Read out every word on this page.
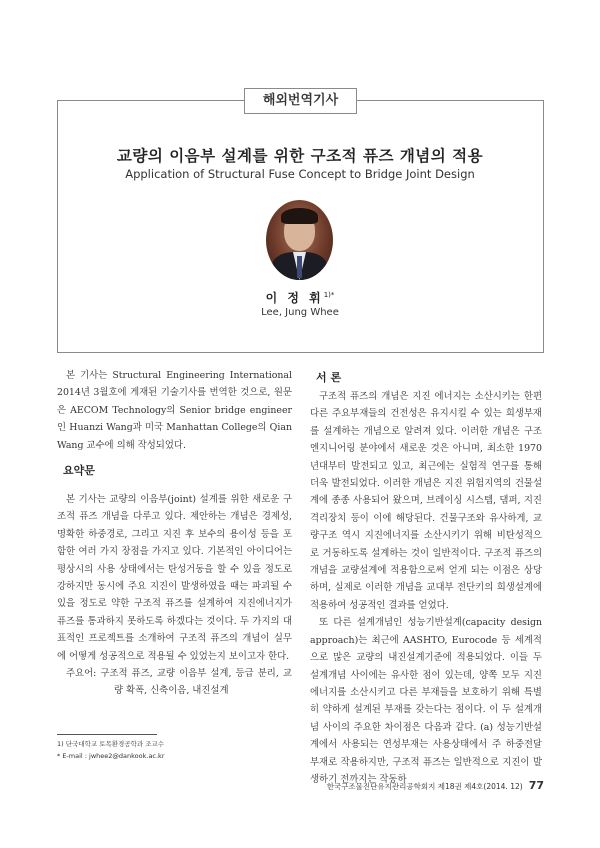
해외번역기사
교량의 이음부 설계를 위한 구조적 퓨즈 개념의 적용
Application of Structural Fuse Concept to Bridge Joint Design
이 정 휘$^{1)*}$
Lee, Jung Whee

본 기사는 Structural Engineering International 2014년 3월호에 게재된 기술기사를 번역한 것으로, 원문은 AECOM Technology의 Senior bridge engineer인 Huanzi Wang과 미국 Manhattan College의 Qian Wang 교수에 의해 작성되었다.

요약문

본 기사는 교량의 이음부(joint) 설계를 위한 새로운 구조적 퓨즈 개념을 다루고 있다. 제안하는 개념은 경제성, 명확한 하중경로, 그리고 지진 후 보수의 용이성 등을 포함한 여러 가지 장점을 가지고 있다. 기본적인 아이디어는 평상시의 사용 상태에서는 탄성거동을 할 수 있을 정도로 강하지만 동시에 주요 지진이 발생하였을 때는 파괴될 수 있을 정도로 약한 구조적 퓨즈를 설계하여 지진에너지가 퓨즈를 통과하지 못하도록 하겠다는 것이다. 두 가지의 대표적인 프로젝트를 소개하여 구조적 퓨즈의 개념이 실무에 어떻게 성공적으로 적용될 수 있었는지 보이고자 한다.

주요어: 구조적 퓨즈, 교량 이음부 설계, 등급 분리, 교량 확폭, 신축이음, 내진설계

서 론

구조적 퓨즈의 개념은 지진 에너지는 소산시키는 한편 다른 주요부재들의 건전성은 유지시킬 수 있는 희생부재를 설계하는 개념으로 알려져 있다. 이러한 개념은 구조 엔지니어링 분야에서 새로운 것은 아니며, 최소한 1970년대부터 발전되고 있고, 최근에는 실험적 연구를 통해 더욱 발전되었다. 이러한 개념은 지진 위험지역의 건물설계에 종종 사용되어 왔으며, 브레이싱 시스템, 댐퍼, 지진 격리장치 등이 이에 해당된다. 건물구조와 유사하게, 교량구조 역시 지진에너지를 소산시키기 위해 비탄성적으로 거동하도록 설계하는 것이 일반적이다. 구조적 퓨즈의 개념을 교량설계에 적용함으로써 얻게 되는 이점은 상당하며, 실제로 이러한 개념을 교대부 전단키의 희생설계에 적용하여 성공적인 결과를 얻었다.

또 다른 설계개념인 성능기반설계(capacity design approach)는 최근에 AASHTO, Eurocode 등 세계적으로 많은 교량의 내진설계기준에 적용되었다. 이들 두 설계개념 사이에는 유사한 점이 있는데, 양쪽 모두 지진에너지를 소산시키고 다른 부재들을 보호하기 위해 특별히 약하게 설계된 부재를 갖는다는 점이다. 이 두 설계개념 사이의 주요한 차이점은 다음과 같다. (a) 성능기반설계에서 사용되는 연성부재는 사용상태에서 주 하중전달 부재로 작용하지만, 구조적 퓨즈는 일반적으로 지진이 발생하기 전까지는 작동하

1) 단국대학교 토목환경공학과 조교수
* E-mail : jwhee2@dankook.ac.kr
한국구조물진단유지관리공학회지 제18권 제4호(2014. 12) 77
